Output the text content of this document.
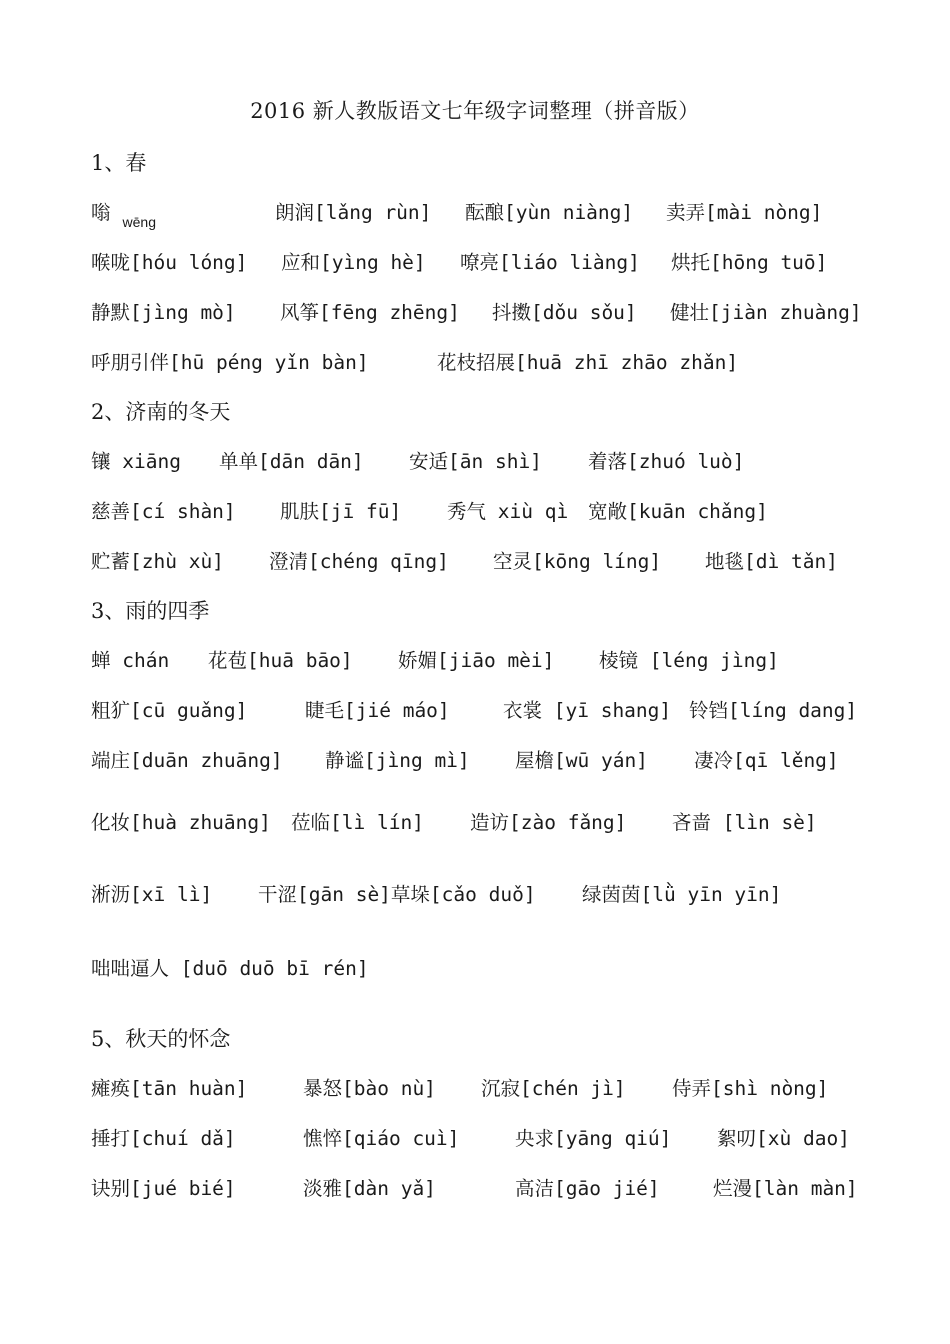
2016 新人教版语文七年级字词整理（拼音版）
1、春
嗡 $_{wēng}$	朗润[lǎng rùn] 酝酿[yùn niàng] 卖弄[mài nòng]
喉咙[hóu lóng] 应和[yìng hè] 嘹亮[liáo liàng] 烘托[hōng tuō]
静默[jìng mò] 风筝[fēng zhēng] 抖擞[dǒu sǒu] 健壮[jiàn zhuàng]
呼朋引伴[hū péng yǐn bàn]	花枝招展[huā zhī zhāo zhǎn]
2、济南的冬天
镶 xiāng 单单[dān dān] 安适[ān shì] 着落[zhuó luò]
慈善[cí shàn] 肌肤[jī fū] 秀气 xiù qì 宽敞[kuān chǎng]
贮蓄[zhù xù] 澄清[chéng qīng] 空灵[kōng líng] 地毯[dì tǎn]
3、雨的四季
蝉 chán 花苞[huā bāo] 娇媚[jiāo mèi] 棱镜 [léng jìng]
粗犷[cū guǎng]	睫毛[jié máo]	衣裳 [yī shang] 铃铛[líng dang]
端庄[duān zhuāng] 静谧[jìng mì] 屋檐[wū yán] 凄冷[qī lěng]
化妆[huà zhuāng] 莅临[lì lín] 造访[zào fǎng] 吝啬 [lìn sè]
淅沥[xī lì] 干涩[gān sè]草垛[cǎo duǒ] 绿茵茵[lǜ yīn yīn]
咄咄逼人 [duō duō bī rén]
5、秋天的怀念
瘫痪[tān huàn]	暴怒[bào nù] 沉寂[chén jì] 侍弄[shì nòng]
捶打[chuí dǎ]	憔悴[qiáo cuì]	央求[yāng qiú] 絮叨[xù dao]
诀别[jué bié]	淡雅[dàn yǎ]	高洁[gāo jié]	烂漫[làn màn]
